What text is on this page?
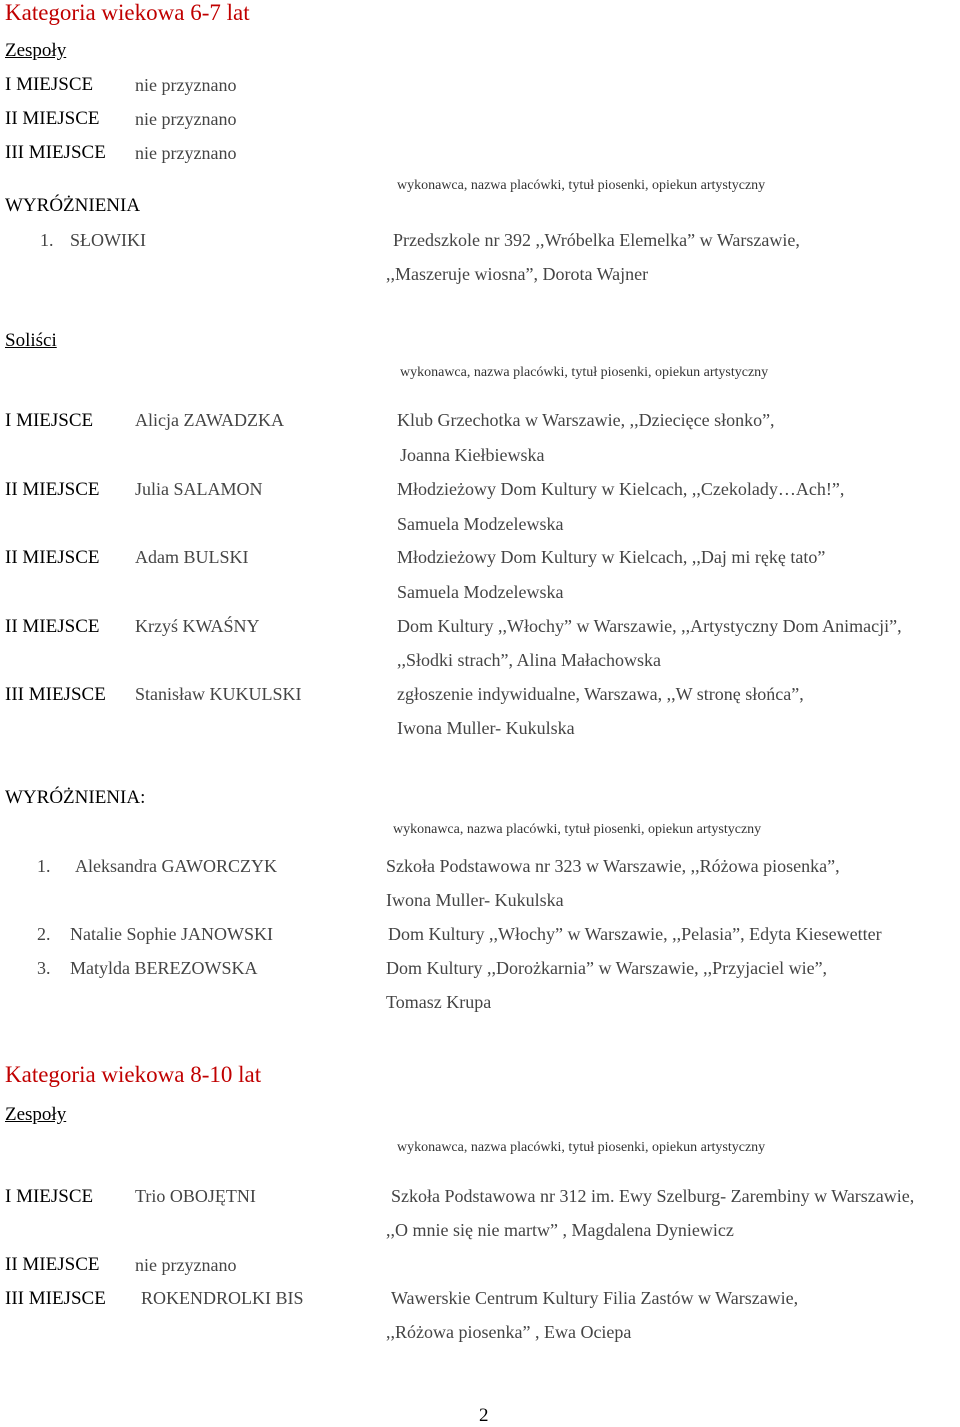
Kategoria wiekowa 6-7 lat
Zespoły
I MIEJSCE nie przyznano
II MIEJSCE nie przyznano
III MIEJSCE nie przyznano
wykonawca, nazwa placówki, tytuł piosenki, opiekun artystyczny
WYRÓŻNIENIA
1. SŁOWIKI	Przedszkole nr 392 ,,Wróbelka Elemelka” w Warszawie,
,,Maszeruje wiosna”, Dorota Wajner
Soliści
wykonawca, nazwa placówki, tytuł piosenki, opiekun artystyczny
I MIEJSCE Alicja ZAWADZKA	Klub Grzechotka w Warszawie, ,,Dziecięce słonko”,
Joanna Kiełbiewska
II MIEJSCE Julia SALAMON	Młodzieżowy Dom Kultury w Kielcach, ,,Czekolady…Ach!”,
Samuela Modzelewska
II MIEJSCE Adam BULSKI	Młodzieżowy Dom Kultury w Kielcach, ,,Daj mi rękę tato”
Samuela Modzelewska
II MIEJSCE Krzyś KWAŚNY	Dom Kultury ,,Włochy” w Warszawie, ,,Artystyczny Dom Animacji”,
,,Słodki strach”, Alina Małachowska
III MIEJSCE Stanisław KUKULSKI	zgłoszenie indywidualne, Warszawa, ,,W stronę słońca”,
Iwona Muller- Kukulska
WYRÓŻNIENIA:
wykonawca, nazwa placówki, tytuł piosenki, opiekun artystyczny
1. Aleksandra GAWORCZYK	Szkoła Podstawowa nr 323 w Warszawie, ,,Różowa piosenka”,
Iwona Muller- Kukulska
2. Natalie Sophie JANOWSKI	Dom Kultury ,,Włochy” w Warszawie, ,,Pelasia”, Edyta Kiesewetter
3. Matylda BEREZOWSKA	Dom Kultury ,,Dorożkarnia” w Warszawie, ,,Przyjaciel wie”,
Tomasz Krupa
Kategoria wiekowa 8-10 lat
Zespoły
wykonawca, nazwa placówki, tytuł piosenki, opiekun artystyczny
I MIEJSCE Trio OBOJĘTNI	Szkoła Podstawowa nr 312 im. Ewy Szelburg- Zarembiny w Warszawie,
,,O mnie się nie martw” , Magdalena Dyniewicz
II MIEJSCE nie przyznano
III MIEJSCE ROKENDROLKI BIS	Wawerskie Centrum Kultury Filia Zastów w Warszawie,
,,Różowa piosenka” , Ewa Ociepa
2
